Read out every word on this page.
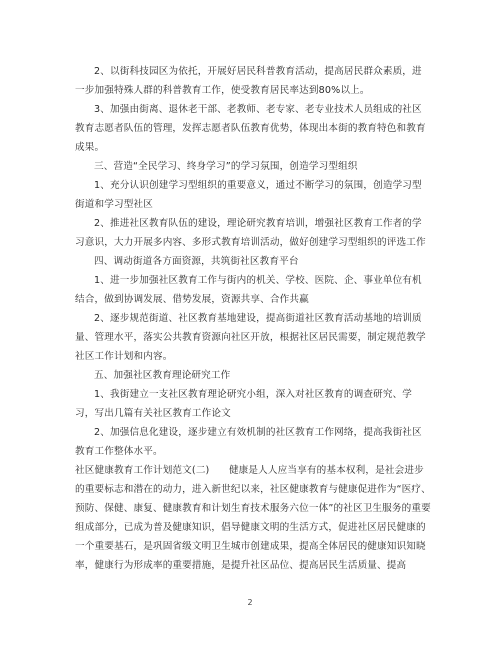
2、以街科技园区为依托，开展好居民科普教育活动，提高居民群众素质，进一步加强特殊人群的科普教育工作，使受教育居民率达到80%以上。

3、加强由街离、退休老干部、老教师、老专家、老专业技术人员组成的社区教育志愿者队伍的管理，发挥志愿者队伍教育优势，体现出本街的教育特色和教育成果。

三、营造“全民学习、终身学习”的学习氛围，创造学习型组织

1、充分认识创建学习型组织的重要意义，通过不断学习的氛围，创造学习型街道和学习型社区

2、推进社区教育队伍的建设，理论研究教育培训，增强社区教育工作者的学习意识，大力开展多内容、多形式教育培训活动，做好创建学习型组织的评选工作

四、调动街道各方面资源，共筑街社区教育平台

1、进一步加强社区教育工作与街内的机关、学校、医院、企、事业单位有机结合，做到协调发展、借势发展，资源共享、合作共赢

2、逐步规范街道、社区教育基地建设，提高街道社区教育活动基地的培训质量、管理水平，落实公共教育资源向社区开放，根据社区居民需要，制定规范教学社区工作计划和内容。

五、加强社区教育理论研究工作

1、我街建立一支社区教育理论研究小组，深入对社区教育的调查研究、学习，写出几篇有关社区教育工作论文

2、加强信息化建设，逐步建立有效机制的社区教育工作网络，提高我街社区教育工作整体水平。

社区健康教育工作计划范文(二)　　健康是人人应当享有的基本权利，是社会进步的重要标志和潜在的动力，进入新世纪以来，社区健康教育与健康促进作为“医疗、预防、保健、康复、健康教育和计划生育技术服务六位一体”的社区卫生服务的重要组成部分，已成为普及健康知识，倡导健康文明的生活方式，促进社区居民健康的一个重要基石，是巩固省级文明卫生城市创建成果，提高全体居民的健康知识知晓率，健康行为形成率的重要措施，是提升社区品位、提高居民生活质量、提高

2
